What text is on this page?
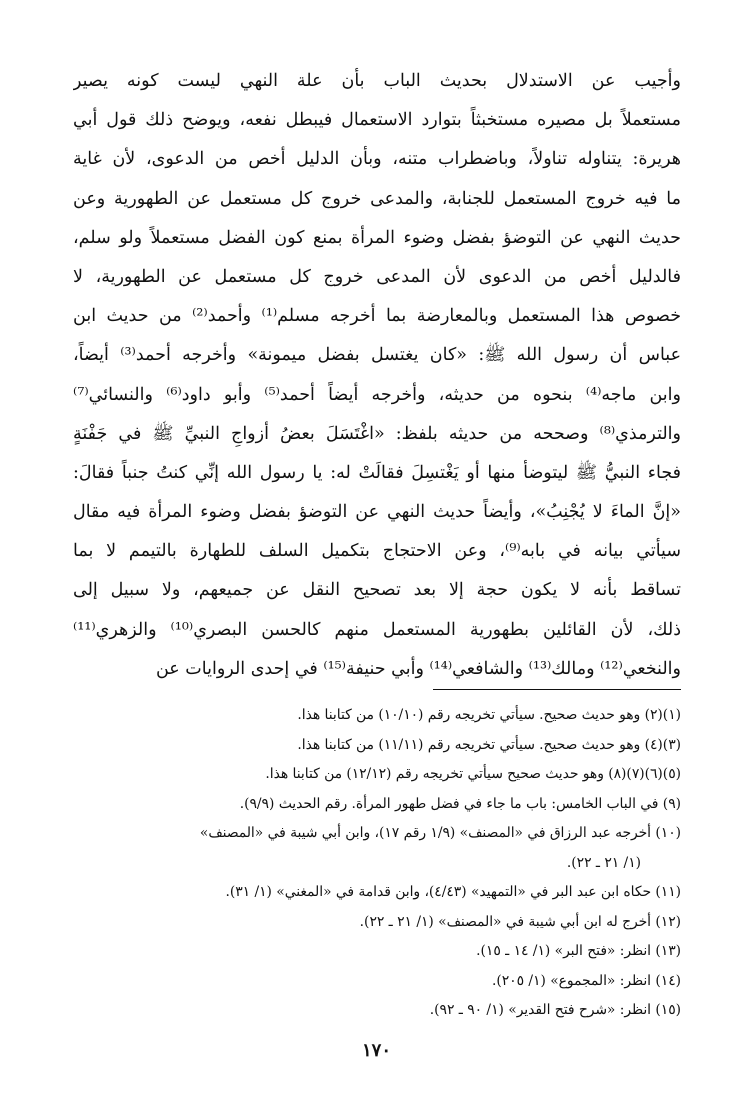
وأجيب عن الاستدلال بحديث الباب بأن علة النهي ليست كونه يصير
مستعملاً بل مصيره مستخبثاً بتوارد الاستعمال فيبطل نفعه، ويوضح ذلك قول أبي
هريرة: يتناوله تناولاً، وباضطراب متنه، وبأن الدليل أخص من الدعوى، لأن غاية
ما فيه خروج المستعمل للجنابة، والمدعى خروج كل مستعمل عن الطهورية وعن
حديث النهي عن التوضؤ بفضل وضوء المرأة بمنع كون الفضل مستعملاً ولو سلم،
فالدليل أخص من الدعوى لأن المدعى خروج كل مستعمل عن الطهورية، لا
خصوص هذا المستعمل وبالمعارضة بما أخرجه مسلم⁽¹⁾ وأحمد⁽²⁾ من حديث ابن
عباس أن رسول الله ﷺ: «كان يغتسل بفضل ميمونة» وأخرجه أحمد⁽³⁾ أيضاً،
وابن ماجه⁽⁴⁾ بنحوه من حديثه، وأخرجه أيضاً أحمد⁽⁵⁾ وأبو داود⁽⁶⁾ والنسائي⁽⁷⁾
والترمذي⁽⁸⁾ وصححه من حديثه بلفظ: «اغْتَسَلَ بعضُ أزواجِ النبيِّ ﷺ في جَفْنَةٍ
فجاء النبيُّ ﷺ ليتوضأ منها أو يَغْتسِلَ فقالَتْ له: يا رسول الله إنِّي كنتُ جنباً فقالَ:
«إنَّ الماءَ لا يُجْنِبُ»، وأيضاً حديث النهي عن التوضؤ بفضل وضوء المرأة فيه مقال
سيأتي بيانه في بابه⁽⁹⁾، وعن الاحتجاج بتكميل السلف للطهارة بالتيمم لا بما
تساقط بأنه لا يكون حجة إلا بعد تصحيح النقل عن جميعهم، ولا سبيل إلى
ذلك، لأن القائلين بطهورية المستعمل منهم كالحسن البصري⁽¹⁰⁾ والزهري⁽¹¹⁾
والنخعي⁽¹²⁾ ومالك⁽¹³⁾ والشافعي⁽¹⁴⁾ وأبي حنيفة⁽¹⁵⁾ في إحدى الروايات عن
(١)(٢) وهو حديث صحيح. سيأتي تخريجه رقم (١٠/١٠) من كتابنا هذا.
(٣)(٤) وهو حديث صحيح. سيأتي تخريجه رقم (١١/١١) من كتابنا هذا.
(٥)(٦)(٧)(٨) وهو حديث صحيح سيأتي تخريجه رقم (١٢/١٢) من كتابنا هذا.
(٩) في الباب الخامس: باب ما جاء في فضل طهور المرأة. رقم الحديث (٩/٩).
(١٠) أخرجه عبد الرزاق في «المصنف» (١/٩ رقم ١٧)، وابن أبي شيبة في «المصنف»
(١/ ٢١ ـ ٢٢).
(١١) حكاه ابن عبد البر في «التمهيد» (٤/٤٣)، وابن قدامة في «المغني» (١/ ٣١).
(١٢) أخرج له ابن أبي شيبة في «المصنف» (١/ ٢١ ـ ٢٢).
(١٣) انظر: «فتح البر» (١/ ١٤ ـ ١٥).
(١٤) انظر: «المجموع» (١/ ٢٠٥).
(١٥) انظر: «شرح فتح القدير» (١/ ٩٠ ـ ٩٢).
١٧٠
